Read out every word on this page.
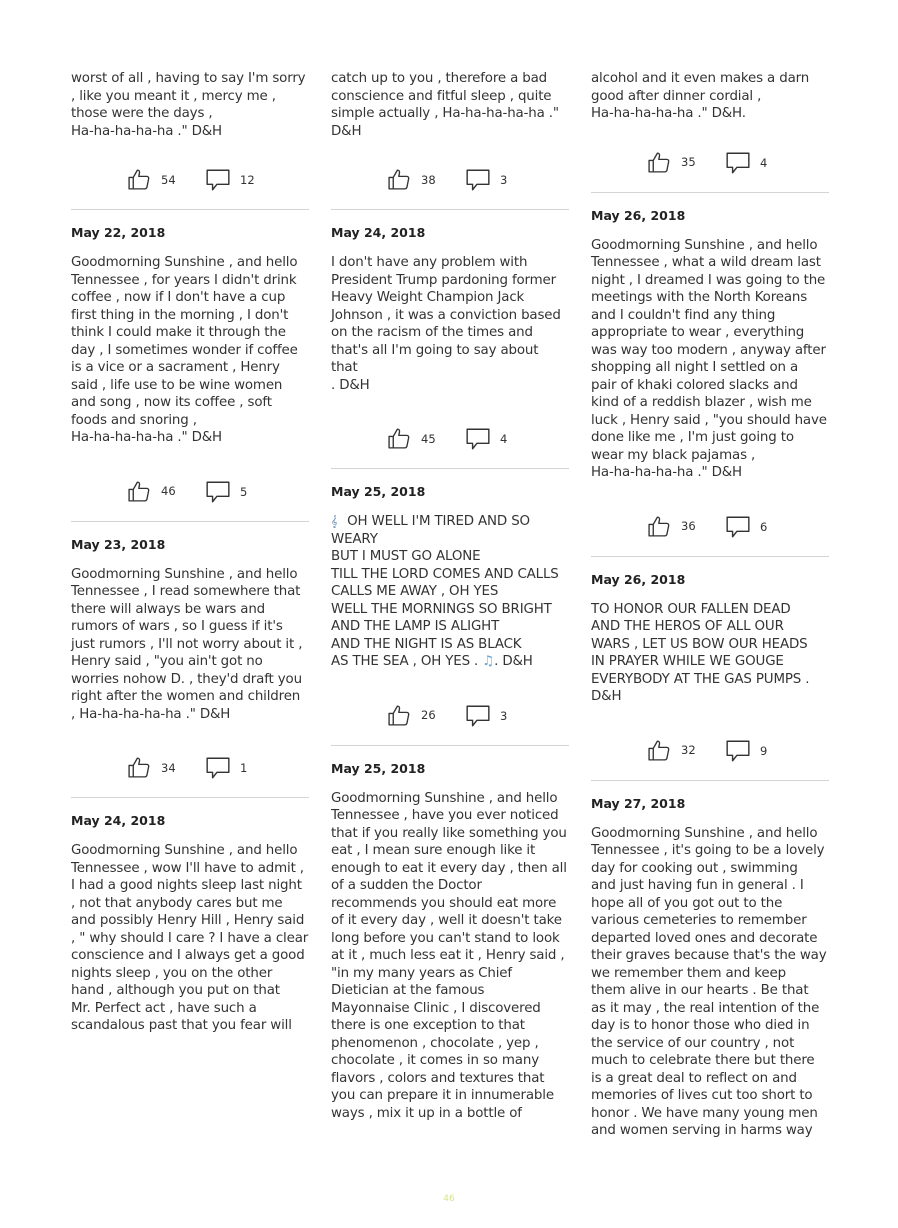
worst of all , having to say I'm sorry
, like you meant it , mercy me ,
those were the days ,
Ha-ha-ha-ha-ha ." D&H

54	12

May 22, 2018

Goodmorning Sunshine , and hello
Tennessee , for years I didn't drink
coffee , now if I don't have a cup
first thing in the morning , I don't
think I could make it through the
day , I sometimes wonder if coffee
is a vice or a sacrament , Henry
said , life use to be wine women
and song , now its coffee , soft
foods and snoring ,
Ha-ha-ha-ha-ha ." D&H

46	5

May 23, 2018

Goodmorning Sunshine , and hello
Tennessee , I read somewhere that
there will always be wars and
rumors of wars , so I guess if it's
just rumors , I'll not worry about it ,
Henry said , "you ain't got no
worries nohow D. , they'd draft you
right after the women and children
, Ha-ha-ha-ha-ha ." D&H

34	1

May 24, 2018

Goodmorning Sunshine , and hello
Tennessee , wow I'll have to admit ,
I had a good nights sleep last night
, not that anybody cares but me
and possibly Henry Hill , Henry said
, " why should I care ? I have a clear
conscience and I always get a good
nights sleep , you on the other
hand , although you put on that
Mr. Perfect act , have such a
scandalous past that you fear will

catch up to you , therefore a bad
conscience and fitful sleep , quite
simple actually , Ha-ha-ha-ha-ha ."
D&H

38	3

May 24, 2018

I don't have any problem with
President Trump pardoning former
Heavy Weight Champion Jack
Johnson , it was a conviction based
on the racism of the times and
that's all I'm going to say about that
. D&H

45	4

May 25, 2018

𝄞 OH WELL I'M TIRED AND SO
WEARY
BUT I MUST GO ALONE
TILL THE LORD COMES AND CALLS
CALLS ME AWAY , OH YES
WELL THE MORNINGS SO BRIGHT
AND THE LAMP IS ALIGHT
AND THE NIGHT IS AS BLACK
AS THE SEA , OH YES . ♫. D&H

26	3

May 25, 2018

Goodmorning Sunshine , and hello
Tennessee , have you ever noticed
that if you really like something you
eat , I mean sure enough like it
enough to eat it every day , then all
of a sudden the Doctor
recommends you should eat more
of it every day , well it doesn't take
long before you can't stand to look
at it , much less eat it , Henry said ,
"in my many years as Chief
Dietician at the famous
Mayonnaise Clinic , I discovered
there is one exception to that
phenomenon , chocolate , yep ,
chocolate , it comes in so many
flavors , colors and textures that
you can prepare it in innumerable
ways , mix it up in a bottle of

alcohol and it even makes a darn
good after dinner cordial ,
Ha-ha-ha-ha-ha ." D&H.

35	4

May 26, 2018

Goodmorning Sunshine , and hello
Tennessee , what a wild dream last
night , I dreamed I was going to the
meetings with the North Koreans
and I couldn't find any thing
appropriate to wear , everything
was way too modern , anyway after
shopping all night I settled on a
pair of khaki colored slacks and
kind of a reddish blazer , wish me
luck , Henry said , "you should have
done like me , I'm just going to
wear my black pajamas ,
Ha-ha-ha-ha-ha ." D&H

36	6

May 26, 2018

TO HONOR OUR FALLEN DEAD
AND THE HEROS OF ALL OUR
WARS , LET US BOW OUR HEADS
IN PRAYER WHILE WE GOUGE
EVERYBODY AT THE GAS PUMPS .
D&H

32	9

May 27, 2018

Goodmorning Sunshine , and hello
Tennessee , it's going to be a lovely
day for cooking out , swimming
and just having fun in general . I
hope all of you got out to the
various cemeteries to remember
departed loved ones and decorate
their graves because that's the way
we remember them and keep
them alive in our hearts . Be that
as it may , the real intention of the
day is to honor those who died in
the service of our country , not
much to celebrate there but there
is a great deal to reflect on and
memories of lives cut too short to
honor . We have many young men
and women serving in harms way

46
